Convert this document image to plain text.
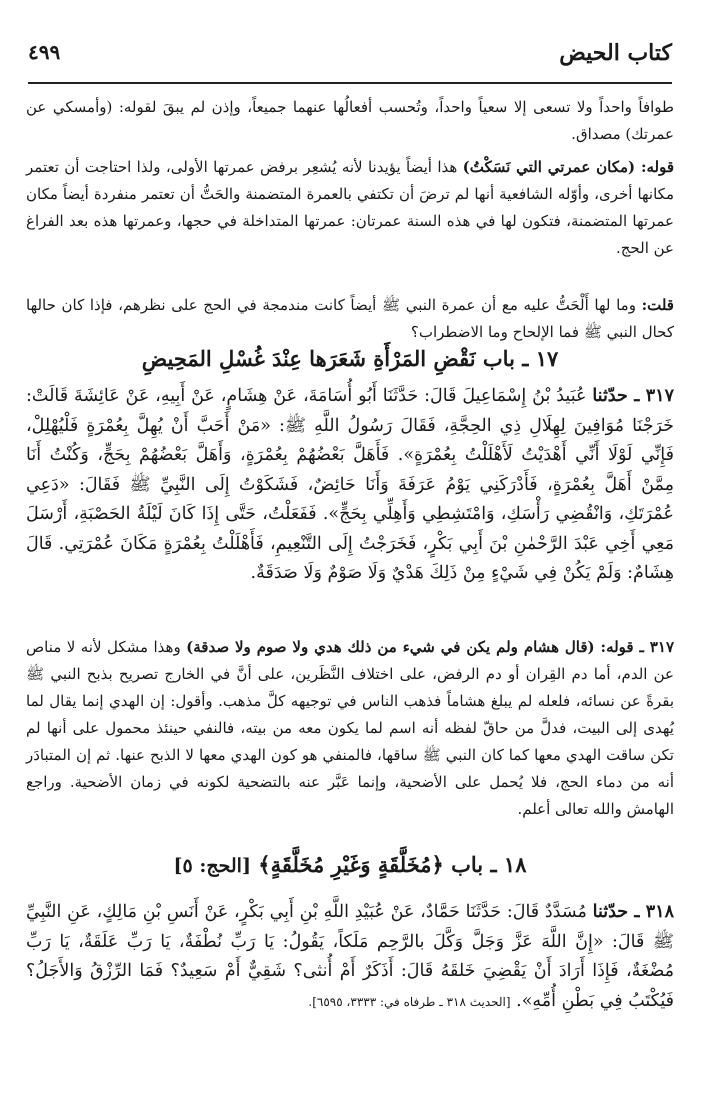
كتاب الحيض
٤٩٩
طوافاً واحداً ولا تسعى إلا سعياً واحداً، وتُحسب أفعالُها عنهما جميعاً، وإذن لم يبقَ لقوله: (وأمسكي عن عمرتك) مصداق.
قوله: (مكان عمرتي التي نَسَكْتُ) هذا أيضاً يؤيدنا لأنه يُشعِر برفض عمرتها الأولى، ولذا احتاجت أن تعتمر مكانها أخرى، وأوّله الشافعية أنها لم ترضَ أن تكتفي بالعمرة المتضمنة والحَتُّ أن تعتمر منفردة أيضاً مكان عمرتها المتضمنة، فتكون لها في هذه السنة عمرتان: عمرتها المتداخلة في حجها، وعمرتها هذه بعد الفراغ عن الحج.
قلت: وما لها أَلْحَتُّ عليه مع أن عمرة النبي ﷺ أيضاً كانت مندمجة في الحج على نظرهم، فإذا كان حالها كحال النبي ﷺ فما الإلحاح وما الاضطراب؟
١٧ ـ باب نَقْضِ المَرْأَةِ شَعَرَها عِنْدَ غُسْلِ المَحِيضِ
٣١٧ ـ حدّثنا عُبَيدُ بْنُ إِسْمَاعِيلَ قَالَ: حَدَّثَنَا أَبُو أُسَامَةَ، عَنْ هِشَامٍ، عَنْ أَبِيهِ، عَنْ عَائِشَةَ قَالَتْ: خَرَجْنَا مُوَافِينَ لِهِلَالِ ذِي الحِجَّةِ، فَقَالَ رَسُولُ اللَّهِ ﷺ: «مَنْ أَحَبَّ أَنْ يُهِلَّ بِعُمْرَةٍ فَلْيُهْلِلْ، فَإِنِّي لَوْلَا أَنِّي أَهْدَيْتُ لَأَهْلَلْتُ بِعُمْرَةٍ». فَأَهَلَّ بَعْضُهُمْ بِعُمْرَةٍ، وَأَهَلَّ بَعْضُهُمْ بِحَجٍّ، وَكُنْتُ أَنَا مِمَّنْ أَهَلَّ بِعُمْرَةٍ، فَأَدْرَكَنِي يَوْمُ عَرَفَةَ وَأَنَا حَائِضٌ، فَشَكَوْتُ إِلَى النَّبِيِّ ﷺ فَقَالَ: «دَعِي عُمْرَتَكِ، وَانْقُضِي رَأْسَكِ، وَامْتَشِطِي وَأَهِلِّي بِحَجٍّ». فَفَعَلْتُ، حَتَّى إِذَا كَانَ لَيْلَةُ الحَصْبَةِ، أَرْسَلَ مَعِي أَخِي عَبْدَ الرَّحْمٰنِ بْنَ أَبِي بَكْرٍ، فَخَرَجْتُ إِلَى التَّنْعِيمِ، فَأَهْلَلْتُ بِعُمْرَةٍ مَكَانَ عُمْرَتِي. قَالَ هِشَامٌ: وَلَمْ يَكُنْ فِي شَيْءٍ مِنْ ذَلِكَ هَدْيٌ وَلَا صَوْمٌ وَلَا صَدَقَةٌ.
٣١٧ ـ قوله: (قال هشام ولم يكن في شيء من ذلك هدي ولا صوم ولا صدقة) وهذا مشكل لأنه لا مناص عن الدم، أما دم القِران أو دم الرفض، على اختلاف النَّظَرين، على أنَّ في الخارج تصريح بذبح النبي ﷺ بقرةً عن نسائه، فلعله لم يبلغ هشاماً فذهب الناس في توجيهه كلَّ مذهب. وأقول: إن الهدي إنما يقال لما يُهدى إلى البيت، فدلَّ من حاقّ لفظه أنه اسم لما يكون معه من بيته، فالنفي حينئذ محمول على أنها لم تكن ساقت الهدي معها كما كان النبي ﷺ ساقها، فالمنفي هو كون الهدي معها لا الذبح عنها. ثم إن المتبادَر أنه من دماء الحج، فلا يُحمل على الأضحية، وإنما عَبَّر عنه بالتضحية لكونه في زمان الأضحية. وراجع الهامش والله تعالى أعلم.
١٨ ـ باب ﴿مُخَلَّقَةٍ وَغَيْرِ مُخَلَّقَةٍ﴾ [الحج: ٥]
٣١٨ ـ حدّثنا مُسَدَّدٌ قَالَ: حَدَّثَنَا حَمَّادٌ، عَنْ عُبَيْدِ اللَّهِ بْنِ أَبِي بَكْرٍ، عَنْ أَنَسِ بْنِ مَالِكٍ، عَنِ النَّبِيِّ ﷺ قَالَ: «إِنَّ اللَّهَ عَزَّ وَجَلَّ وَكَّلَ بالرَّحِم مَلَكاً، يَقُولُ: يَا رَبِّ نُطْفَةٌ، يَا رَبِّ عَلَقَةٌ، يَا رَبِّ مُضْغَةٌ، فَإِذَا أَرَادَ أَنْ يَقْضِيَ خَلقَهُ قَالَ: أَذَكَرٌ أَمْ أُنثى؟ شَقِيٌّ أَمْ سَعِيدٌ؟ فَمَا الرِّزْقُ وَالأَجَلُ؟ فَيُكْتَبُ فِي بَطْنِ أُمِّهِ». [الحديث ٣١٨ ـ طرفاه في: ٣٣٣٣، ٦٥٩٥].
